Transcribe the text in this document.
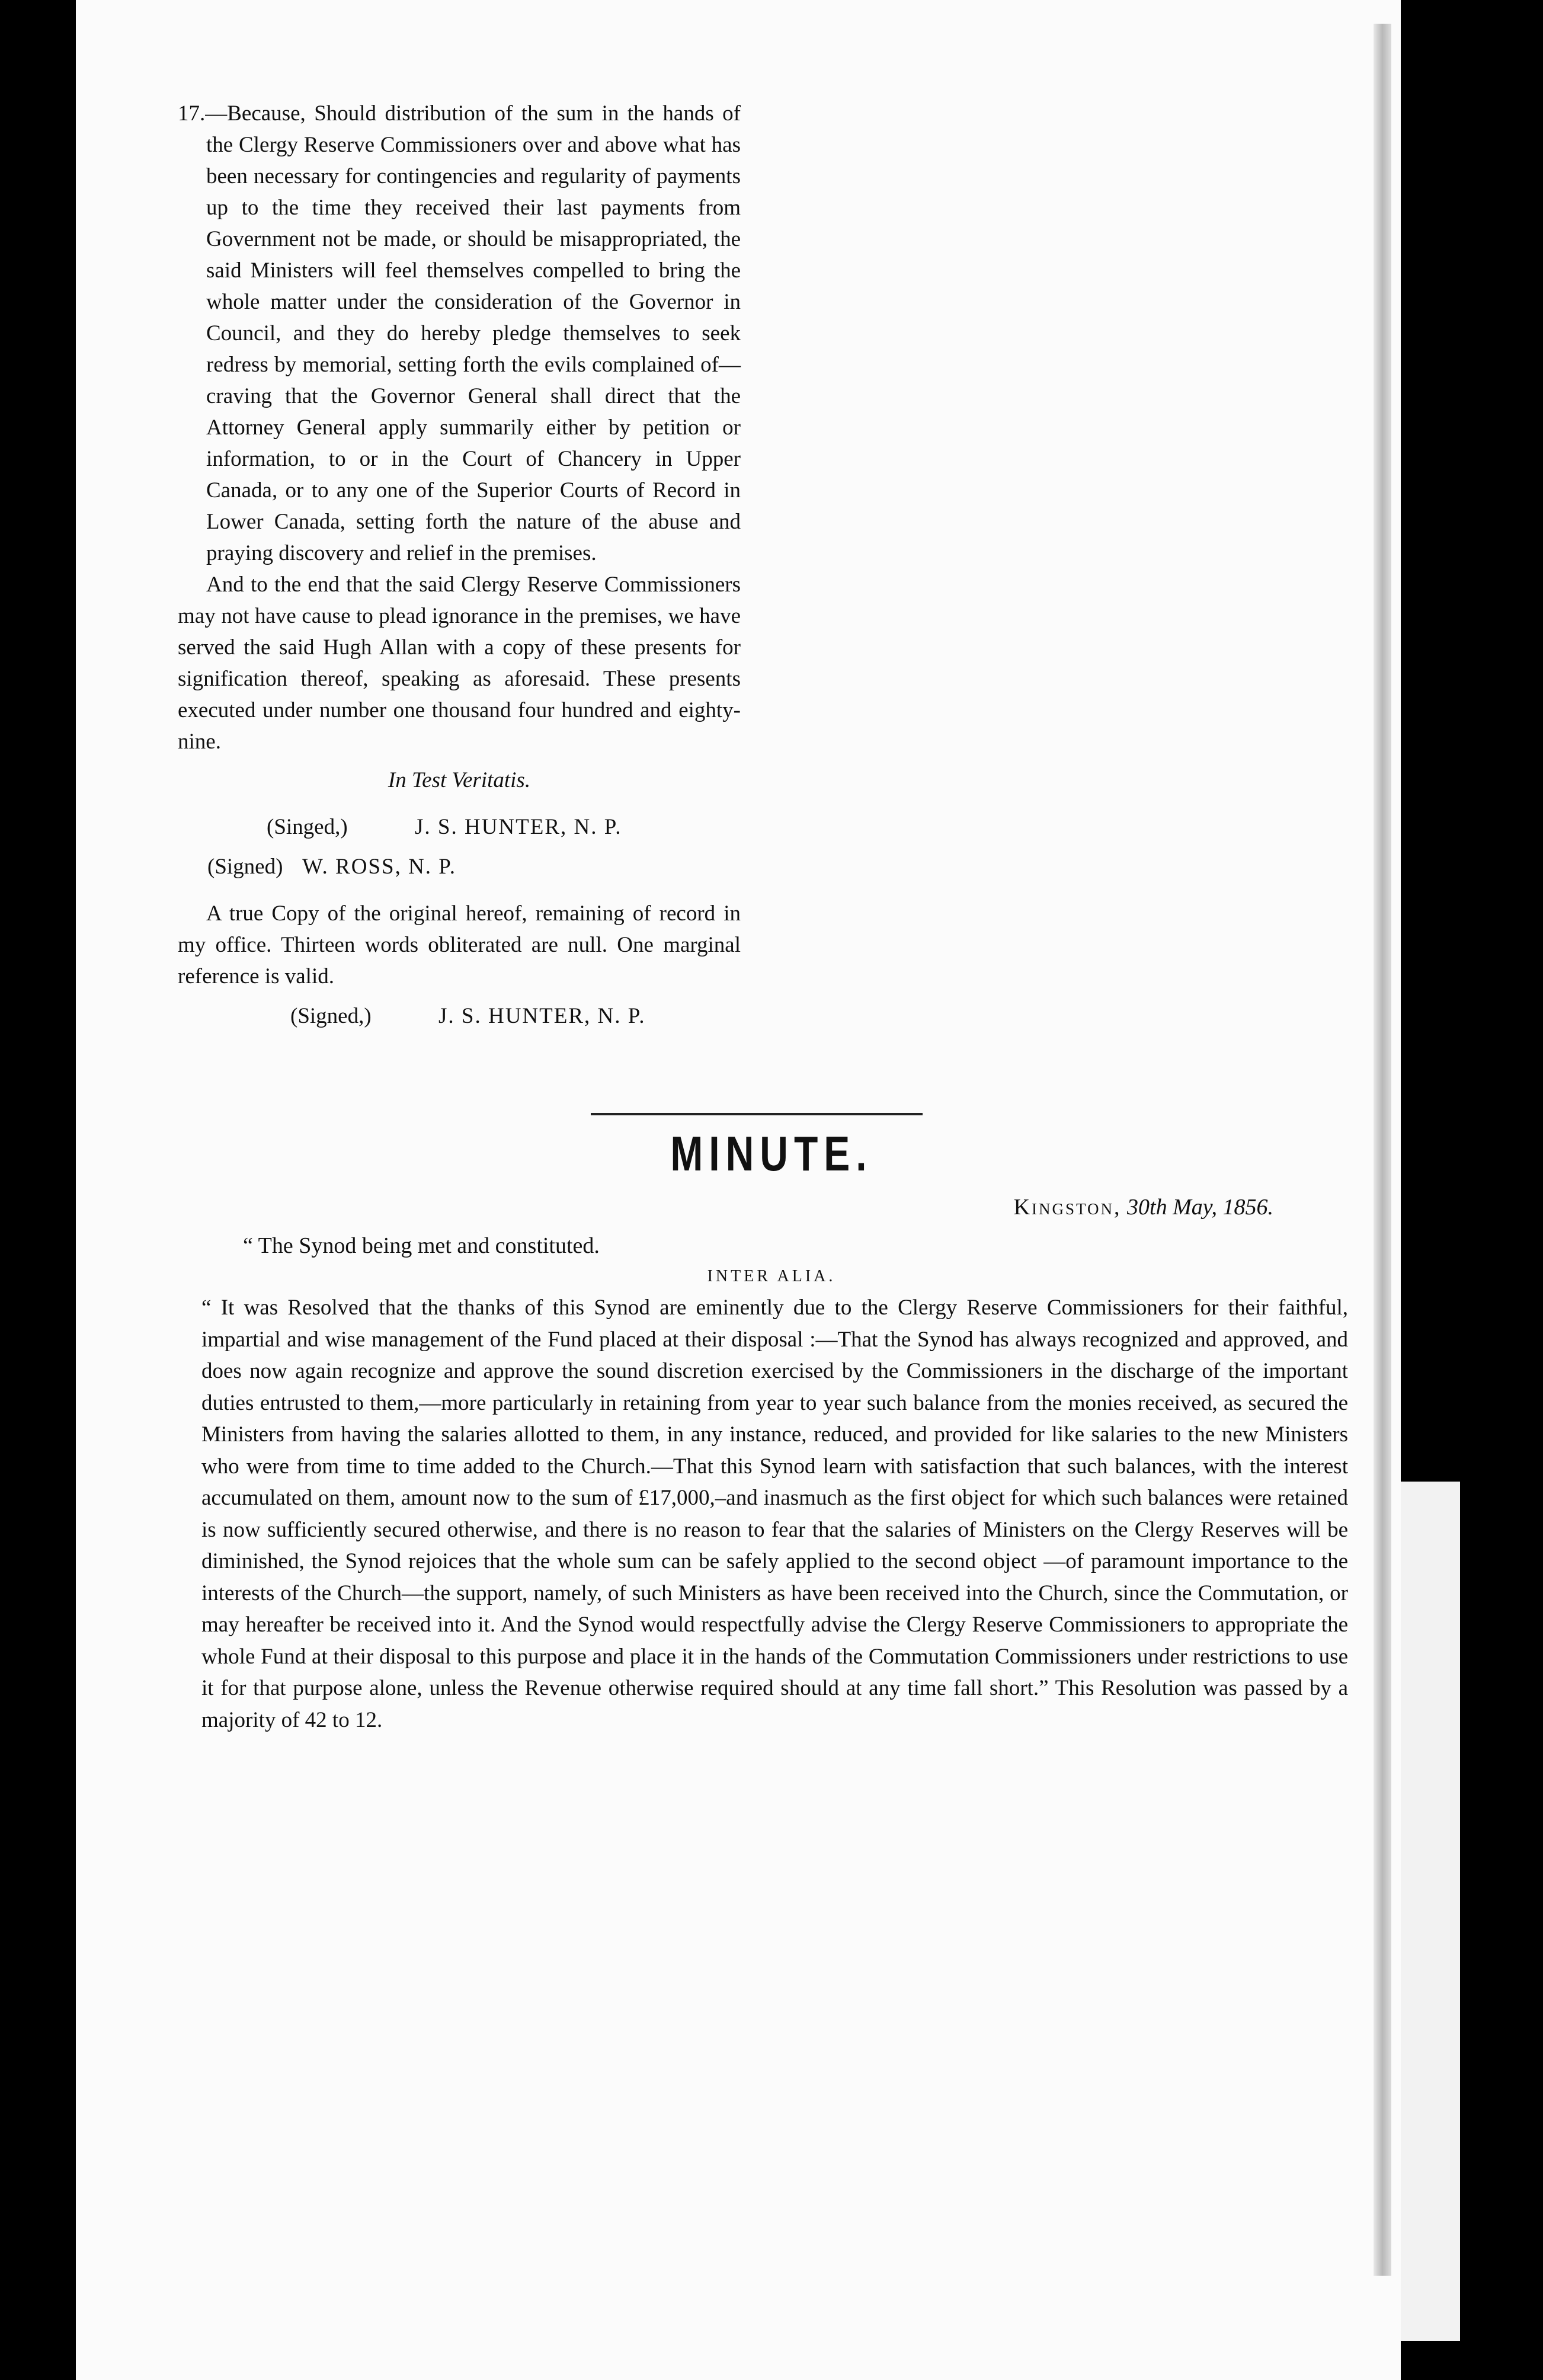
17.—Because, Should distribution of the sum in the hands of the Clergy Reserve Commissioners over and above what has been necessary for contingencies and regularity of payments up to the time they received their last payments from Government not be made, or should be misappropriated, the said Ministers will feel themselves compelled to bring the whole matter under the consideration of the Governor in Council, and they do hereby pledge themselves to seek redress by memorial, setting forth the evils complained of—craving that the Governor General shall direct that the Attorney General apply summarily either by petition or information, to or in the Court of Chancery in Upper Canada, or to any one of the Superior Courts of Record in Lower Canada, setting forth the nature of the abuse and praying discovery and relief in the premises.

And to the end that the said Clergy Reserve Commissioners may not have cause to plead ignorance in the premises, we have served the said Hugh Allan with a copy of these presents for signification thereof, speaking as aforesaid. These presents executed under number one thousand four hundred and eighty-nine.

In Test Veritatis.

(Singed,)	J. S. HUNTER, N. P.

(Signed) W. ROSS, N. P.

A true Copy of the original hereof, remaining of record in my office. Thirteen words obliterated are null. One marginal reference is valid.

(Signed,)	J. S. HUNTER, N. P.

MINUTE.
Kingston, 30th May, 1856.
“ The Synod being met and constituted.
INTER ALIA.

“ It was Resolved that the thanks of this Synod are eminently due to the Clergy Reserve Commissioners for their faithful, impartial and wise management of the Fund placed at their disposal :—That the Synod has always recognized and approved, and does now again recognize and approve the sound discretion exercised by the Commissioners in the discharge of the important duties entrusted to them,—more particularly in retaining from year to year such balance from the monies received, as secured the Ministers from having the salaries allotted to them, in any instance, reduced, and provided for like salaries to the new Ministers who were from time to time added to the Church.—That this Synod learn with satisfaction that such balances, with the interest accumulated on them, amount now to the sum of £17,000,–and inasmuch as the first object for which such balances were retained is now sufficiently secured otherwise, and there is no reason to fear that the salaries of Ministers on the Clergy Reserves will be diminished, the Synod rejoices that the whole sum can be safely applied to the second object —of paramount importance to the interests of the Church—the support, namely, of such Ministers as have been received into the Church, since the Commutation, or may hereafter be received into it. And the Synod would respectfully advise the Clergy Reserve Commissioners to appropriate the whole Fund at their disposal to this purpose and place it in the hands of the Commutation Commissioners under restrictions to use it for that purpose alone, unless the Revenue otherwise required should at any time fall short.” This Resolution was passed by a majority of 42 to 12.
